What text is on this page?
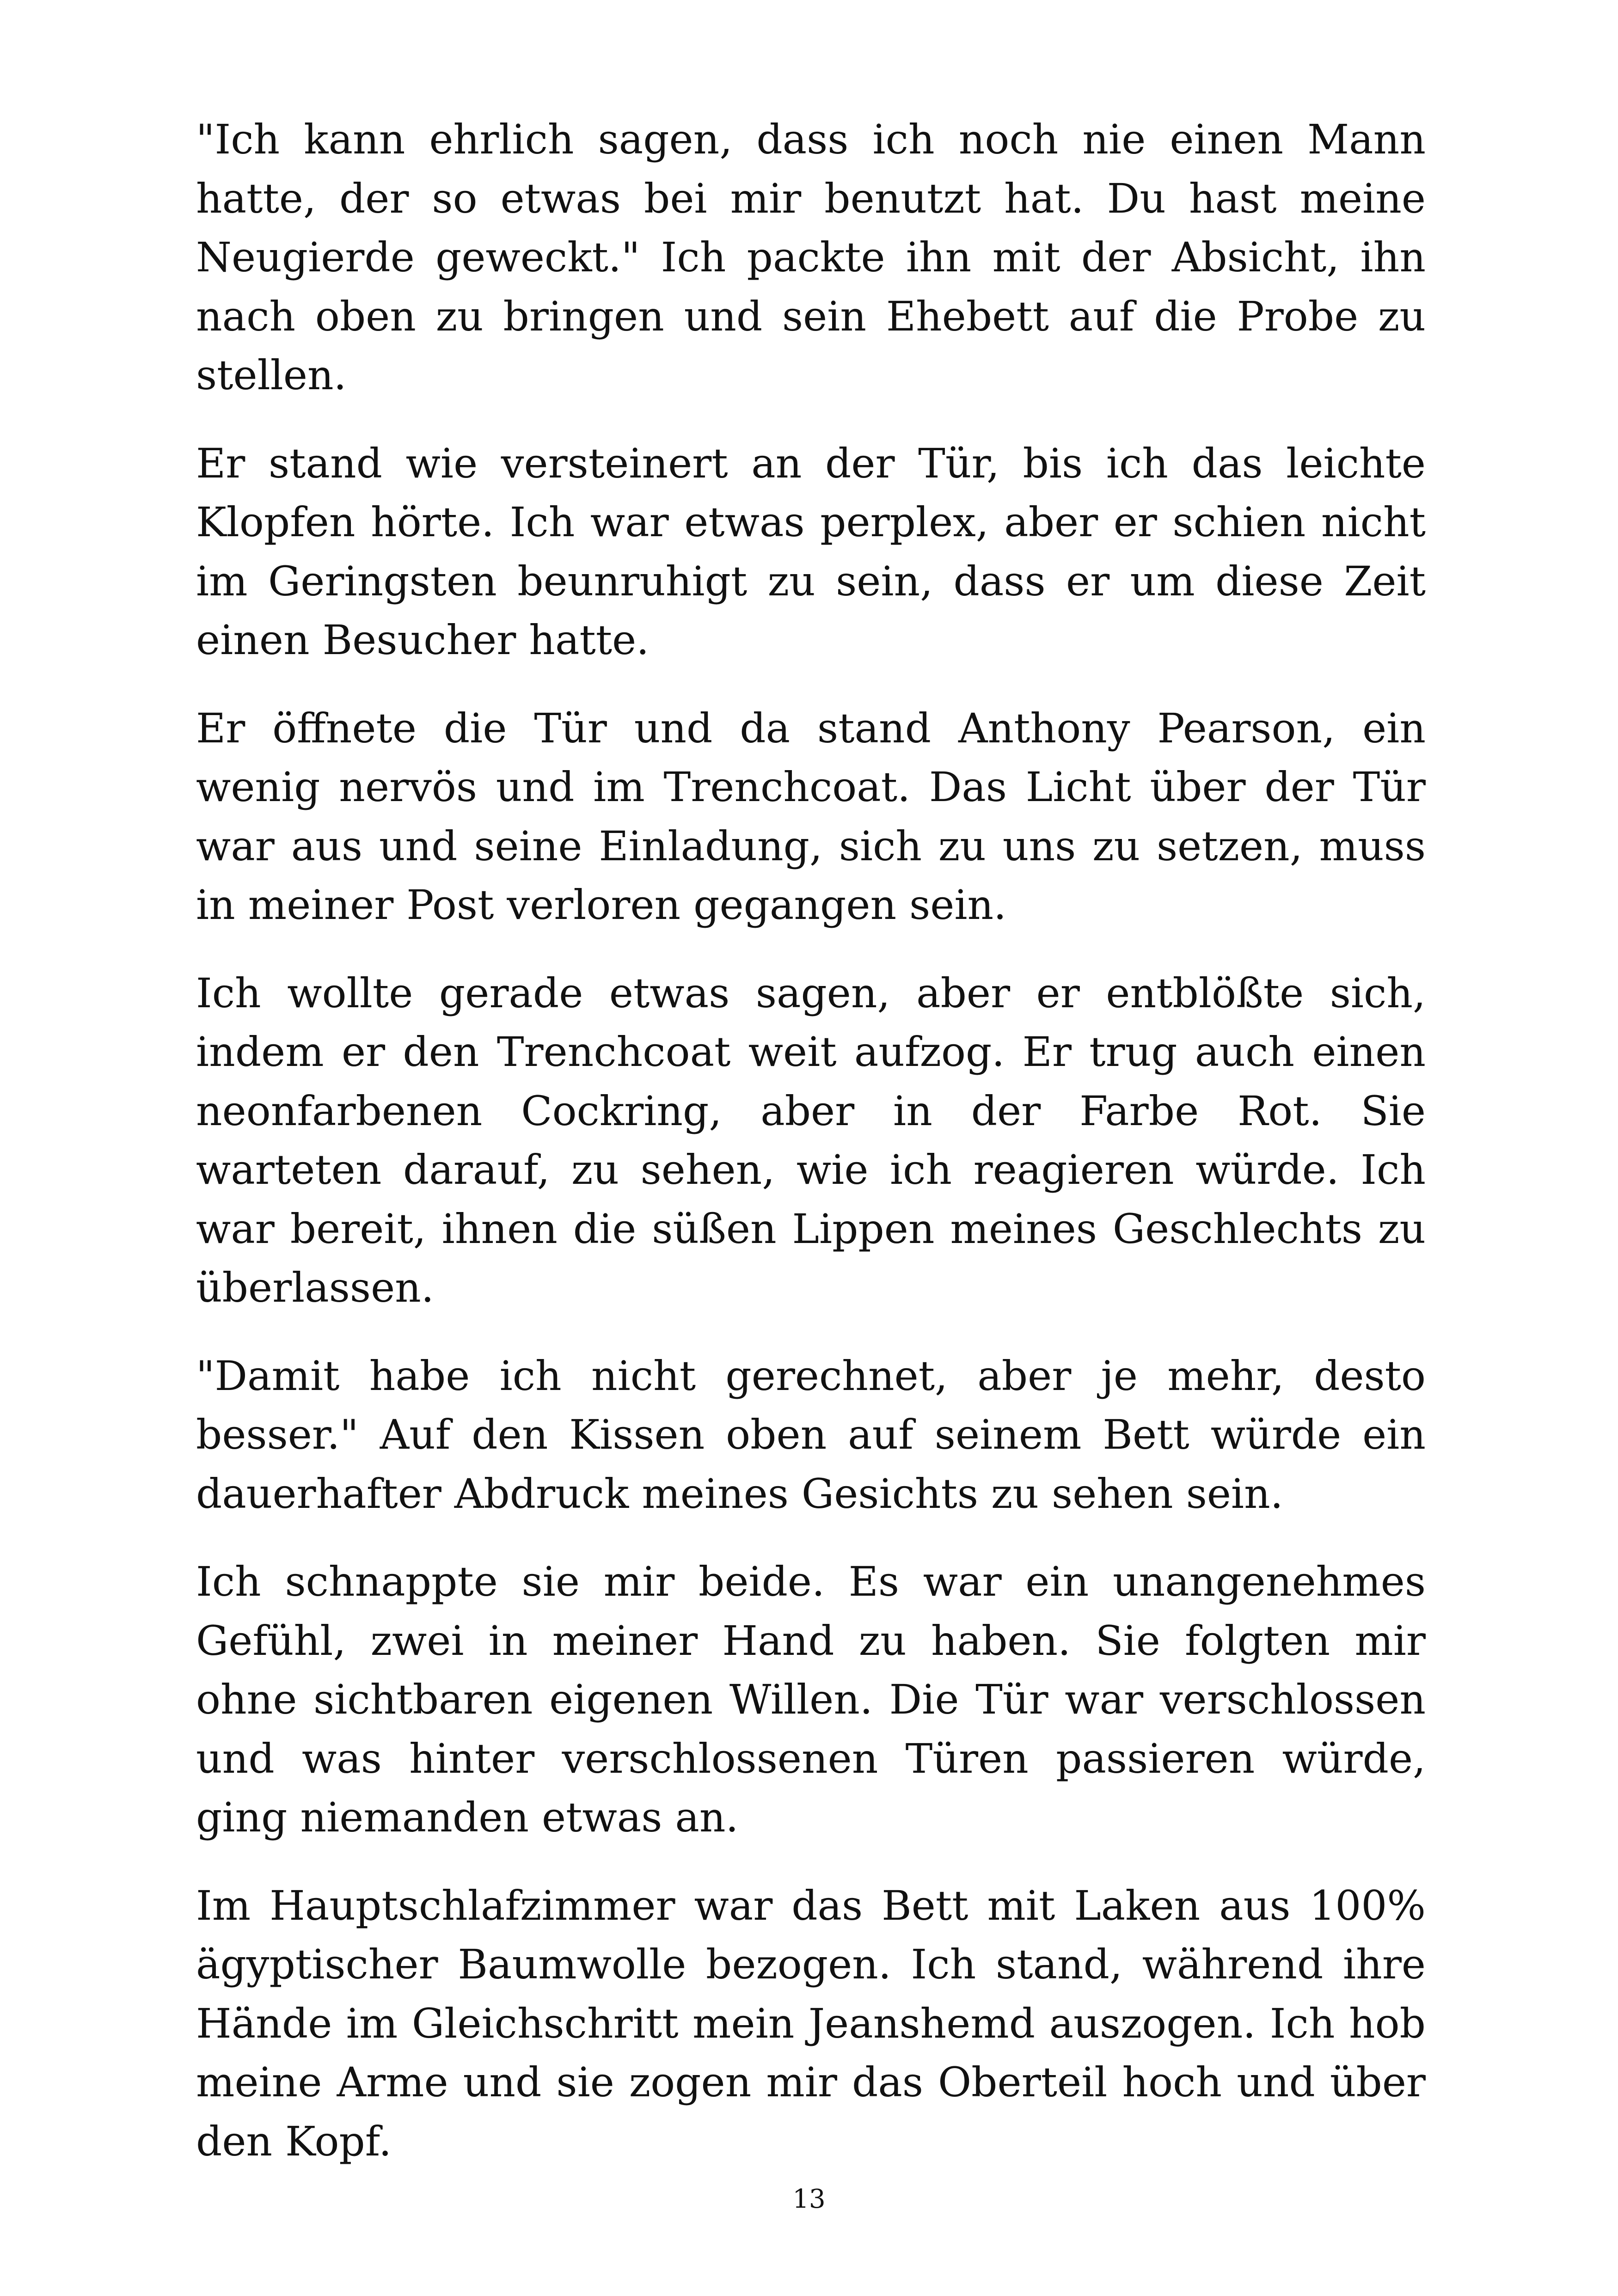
"Ich kann ehrlich sagen, dass ich noch nie einen Mann hatte, der so etwas bei mir benutzt hat. Du hast meine Neugierde geweckt." Ich packte ihn mit der Absicht, ihn nach oben zu bringen und sein Ehebett auf die Probe zu stellen.

Er stand wie versteinert an der Tür, bis ich das leichte Klopfen hörte. Ich war etwas perplex, aber er schien nicht im Geringsten beunruhigt zu sein, dass er um diese Zeit einen Besucher hatte.

Er öffnete die Tür und da stand Anthony Pearson, ein wenig nervös und im Trenchcoat. Das Licht über der Tür war aus und seine Einladung, sich zu uns zu setzen, muss in meiner Post verloren gegangen sein.

Ich wollte gerade etwas sagen, aber er entblößte sich, indem er den Trenchcoat weit aufzog. Er trug auch einen neonfarbenen Cockring, aber in der Farbe Rot. Sie warteten darauf, zu sehen, wie ich reagieren würde. Ich war bereit, ihnen die süßen Lippen meines Geschlechts zu überlassen.

"Damit habe ich nicht gerechnet, aber je mehr, desto besser." Auf den Kissen oben auf seinem Bett würde ein dauerhafter Abdruck meines Gesichts zu sehen sein.

Ich schnappte sie mir beide. Es war ein unangenehmes Gefühl, zwei in meiner Hand zu haben. Sie folgten mir ohne sichtbaren eigenen Willen. Die Tür war verschlossen und was hinter verschlossenen Türen passieren würde, ging niemanden etwas an.

Im Hauptschlafzimmer war das Bett mit Laken aus 100% ägyptischer Baumwolle bezogen. Ich stand, während ihre Hände im Gleichschritt mein Jeanshemd auszogen. Ich hob meine Arme und sie zogen mir das Oberteil hoch und über den Kopf.

13
